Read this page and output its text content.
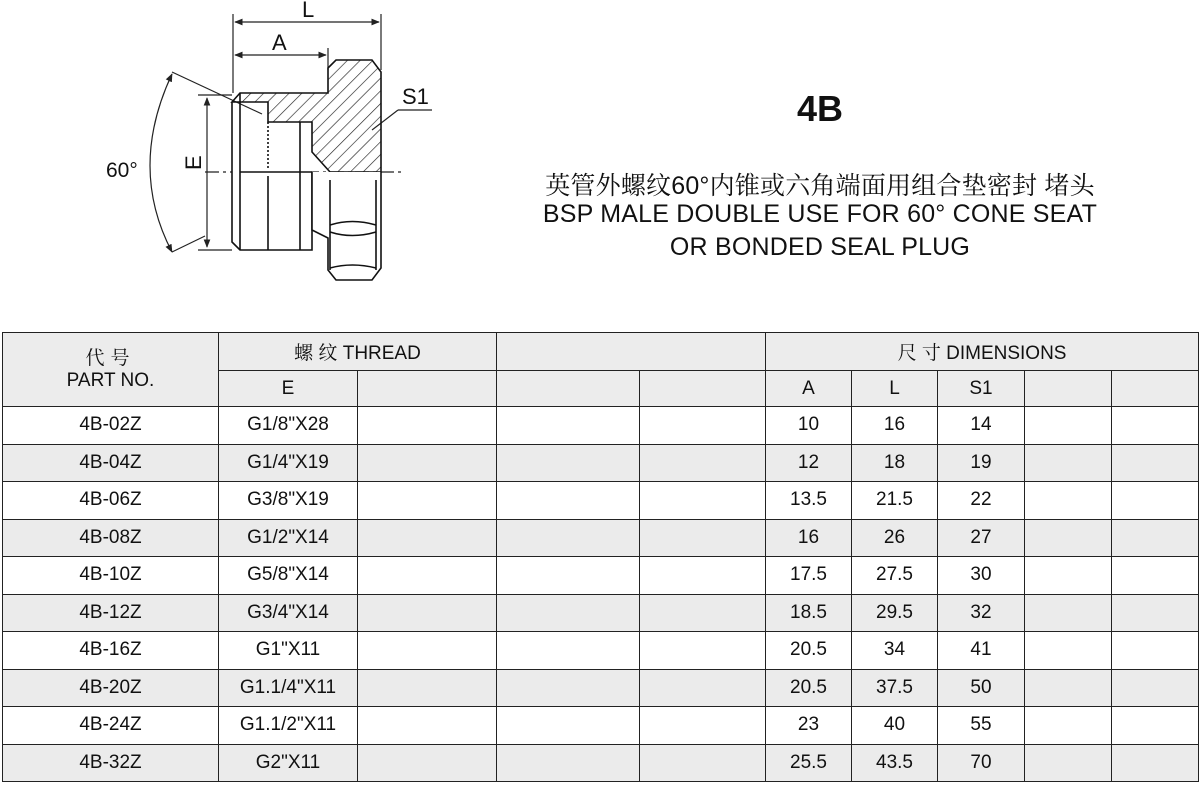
L
A
S1
E
60°
4B
英管外螺纹60°内锥或六角端面用组合垫密封 堵头
BSP MALE DOUBLE USE FOR 60° CONE SEAT
OR BONDED SEAL PLUG
代号
PART NO.	螺 纹 THREAD				尺 寸 DIMENSIONS				
	E				A	L	S1		
4B-02Z	G1/8"X28				10	16	14		
4B-04Z	G1/4"X19				12	18	19		
4B-06Z	G3/8"X19				13.5	21.5	22		
4B-08Z	G1/2"X14				16	26	27		
4B-10Z	G5/8"X14				17.5	27.5	30		
4B-12Z	G3/4"X14				18.5	29.5	32		
4B-16Z	G1"X11				20.5	34	41		
4B-20Z	G1.1/4"X11				20.5	37.5	50		
4B-24Z	G1.1/2"X11				23	40	55		
4B-32Z	G2"X11				25.5	43.5	70		
